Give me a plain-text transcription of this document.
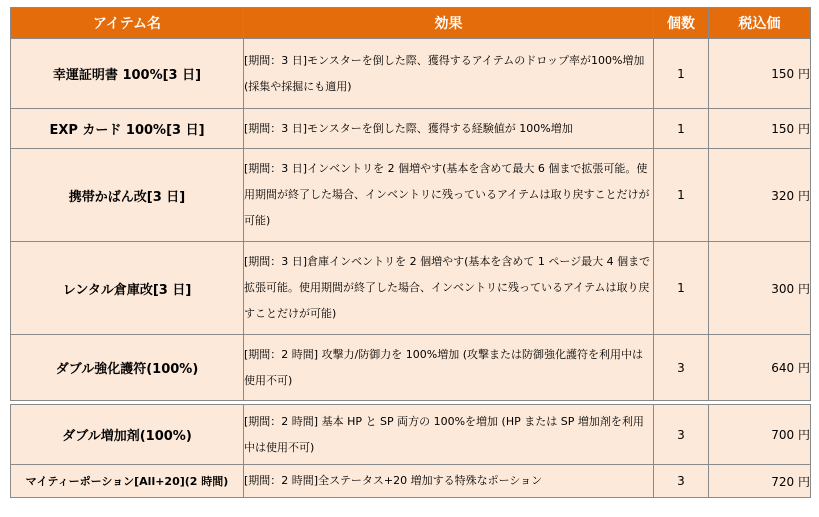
アイテム名	効果	個数	税込価
幸運証明書 100%[3 日]	[期間：3 日]モンスターを倒した際、獲得するアイテムのドロップ率が100%増加(採集や採掘にも適用)	1	150 円
EXP カード 100%[3 日]	[期間：3 日]モンスターを倒した際、獲得する経験値が 100%増加	1	150 円
携帯かばん改[3 日]	[期間：3 日]インベントリを 2 個増やす(基本を含めて最大 6 個まで拡張可能。使用期間が終了した場合、インベントリに残っているアイテムは取り戻すことだけが可能)	1	320 円
レンタル倉庫改[3 日]	[期間：3 日]倉庫インベントリを 2 個増やす(基本を含めて 1 ページ最大 4 個まで拡張可能。使用期間が終了した場合、インベントリに残っているアイテムは取り戻すことだけが可能)	1	300 円
ダブル強化護符(100%)	[期間：2 時間] 攻撃力/防御力を 100%増加 (攻撃または防御強化護符を利用中は使用不可)	3	640 円

ダブル増加剤(100%)	[期間：2 時間] 基本 HP と SP 両方の 100%を増加 (HP または SP 増加剤を利用中は使用不可)	3	700 円
マイティーポーション[All+20](2 時間)	[期間：2 時間]全ステータス+20 増加する特殊なポーション	3	720 円
